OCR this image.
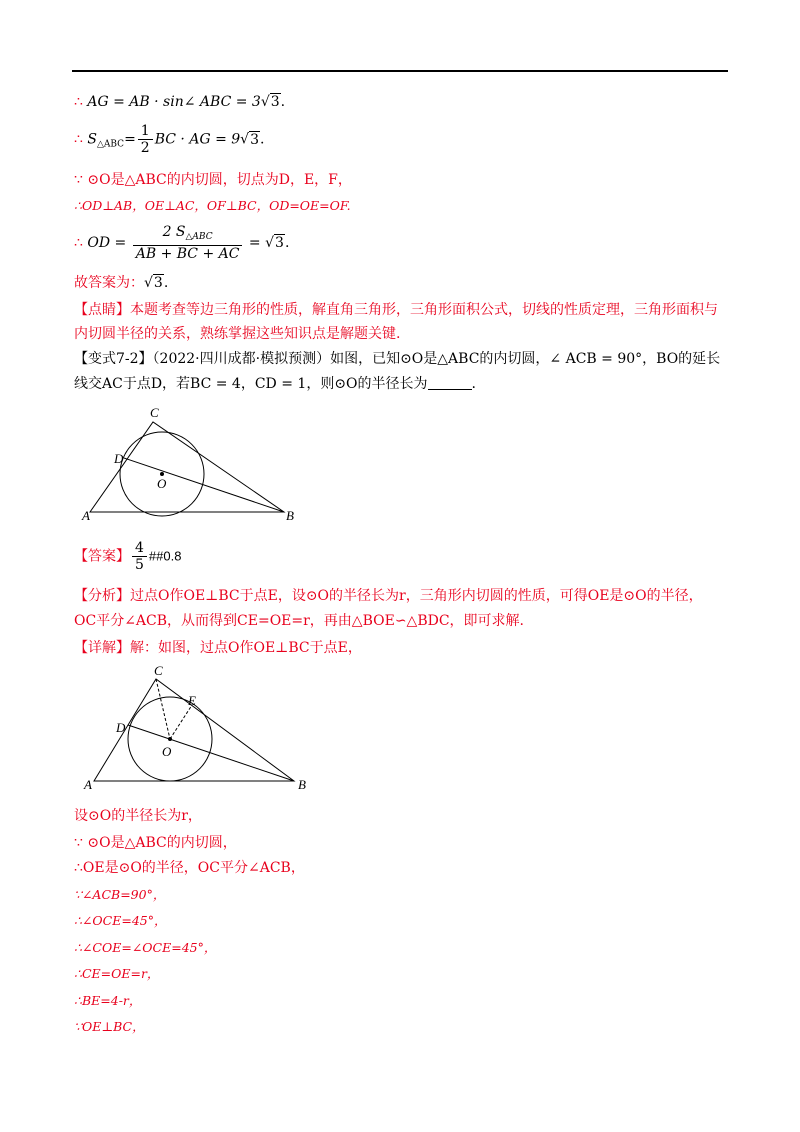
∴ AG = AB · sin∠ ABC = 3√3.
∴ $S_{\triangle ABC}= \frac{1}{2}$ BC · AG = 9√3.
∵ ⊙O是△ABC的内切圆，切点为D，E，F，
∴OD⊥AB，OE⊥AC，OF⊥BC，OD=OE=OF.
∴ OD = $\frac{2 S_{\triangle ABC}}{AB + BC + AC} = √3$.
故答案为：√3.
【点睛】本题考查等边三角形的性质，解直角三角形，三角形面积公式，切线的性质定理，三角形面积与
内切圆半径的关系，熟练掌握这些知识点是解题关键.
【变式7-2】（2022·四川成都·模拟预测）如图，已知⊙O是△ABC的内切圆，∠ ACB = 90°，BO的延长
线交AC于点D，若BC = 4，CD = 1，则⊙O的半径长为	.
C
D
O
A	B
【答案】 $\frac{4}{5}$ ##0.8
【分析】过点O作OE⊥BC于点E，设⊙O的半径长为r，三角形内切圆的性质，可得OE是⊙O的半径，
OC平分∠ACB，从而得到CE=OE=r，再由△BOE∽△BDC，即可求解.
【详解】解：如图，过点O作OE⊥BC于点E，
C
E
D
O
A	B
设⊙O的半径长为r，
∵ ⊙O是△ABC的内切圆，
∴OE是⊙O的半径，OC平分∠ACB，
∵∠ACB=90°，
∴∠OCE=45°，
∴∠COE=∠OCE=45°，
∴CE=OE=r，
∴BE=4-r，
∵OE⊥BC，
